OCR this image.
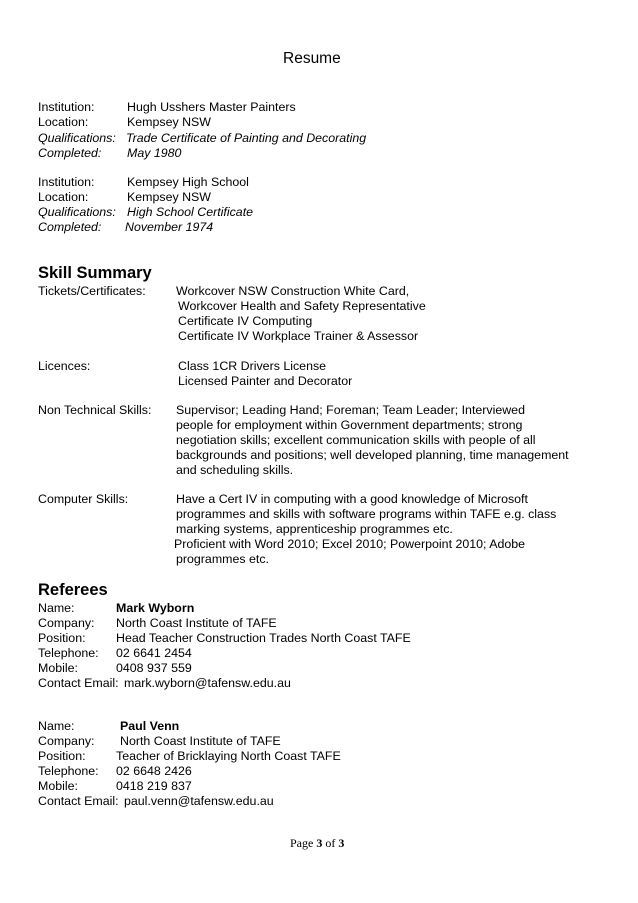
Resume
Institution:	Hugh Usshers Master Painters
Location:	Kempsey NSW
Qualifications: Trade Certificate of Painting and Decorating
Completed: May 1980
Institution:	Kempsey High School
Location:	Kempsey NSW
Qualifications: High School Certificate
Completed: November 1974
Skill Summary
Tickets/Certificates: Workcover NSW Construction White Card,
Workcover Health and Safety Representative
Certificate IV Computing
Certificate IV Workplace Trainer & Assessor
Licences:	Class 1CR Drivers License
Licensed Painter and Decorator
Non Technical Skills: Supervisor; Leading Hand; Foreman; Team Leader; Interviewed
people for employment within Government departments; strong
negotiation skills; excellent communication skills with people of all
backgrounds and positions; well developed planning, time management
and scheduling skills.
Computer Skills:	Have a Cert IV in computing with a good knowledge of Microsoft
programmes and skills with software programs within TAFE e.g. class
marking systems, apprenticeship programmes etc.
Proficient with Word 2010; Excel 2010; Powerpoint 2010; Adobe
programmes etc.
Referees
Name:	Mark Wyborn
Company: North Coast Institute of TAFE
Position: Head Teacher Construction Trades North Coast TAFE
Telephone: 02 6641 2454
Mobile:	0408 937 559
Contact Email: mark.wyborn@tafensw.edu.au
Name:	Paul Venn
Company: North Coast Institute of TAFE
Position: Teacher of Bricklaying North Coast TAFE
Telephone: 02 6648 2426
Mobile:	0418 219 837
Contact Email: paul.venn@tafensw.edu.au
Page 3 of 3
